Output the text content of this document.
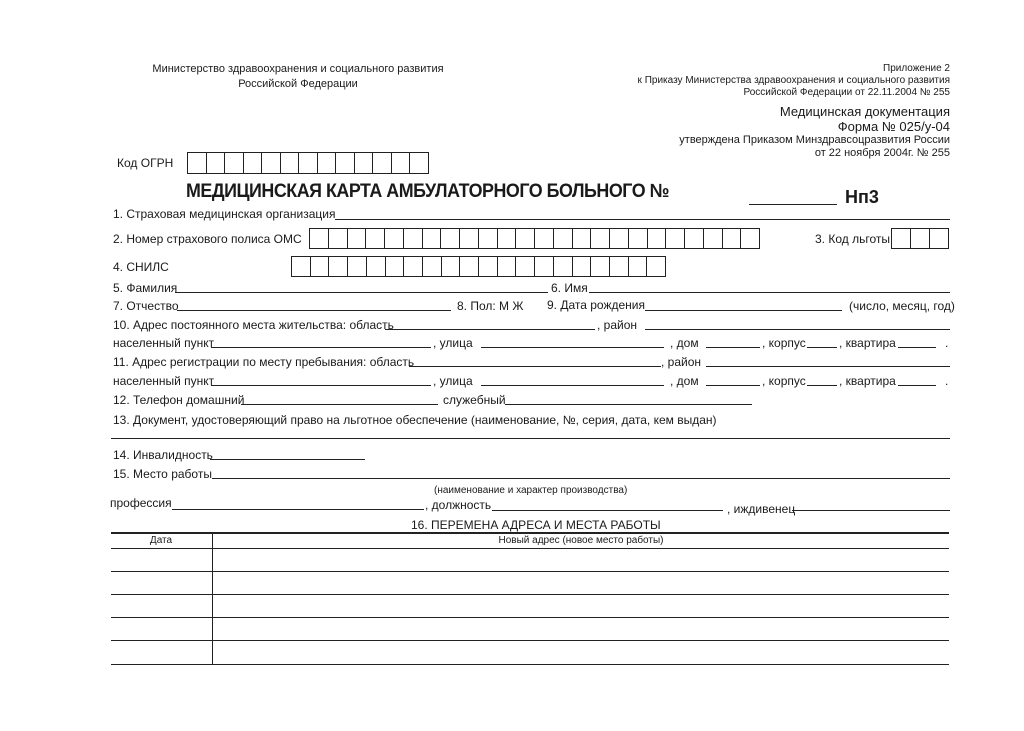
Министерство здравоохранения и социального развития
Российской Федерации
Приложение 2
к Приказу Министерства здравоохранения и социального развития
Российской Федерации от 22.11.2004 № 255
Медицинская документация
Форма № 025/у-04
утверждена Приказом Минздравсоцразвития России
от 22 ноября 2004г. № 255
Код ОГРН
МЕДИЦИНСКАЯ КАРТА АМБУЛАТОРНОГО БОЛЬНОГО №	Нп3
1. Страховая медицинская организация
2. Номер страхового полиса ОМС	3. Код льготы
4. СНИЛС
5. Фамилия	6. Имя
7. Отчество	8. Пол: М Ж 9. Дата рождения	(число, месяц, год)
10. Адрес постоянного места жительства: область	, район
населенный пункт	, улица	, дом	, корпус	, квартира	.
11. Адрес регистрации по месту пребывания: область	, район
населенный пункт	, улица	, дом	, корпус	, квартира	.
12. Телефон домашний	служебный
13. Документ, удостоверяющий право на льготное обеспечение (наименование, №, серия, дата, кем выдан)
14. Инвалидность
15. Место работы
(наименование и характер производства)
профессия	, должность	, иждивенец
16. ПЕРЕМЕНА АДРЕСА И МЕСТА РАБОТЫ
Дата	Новый адрес (новое место работы)
